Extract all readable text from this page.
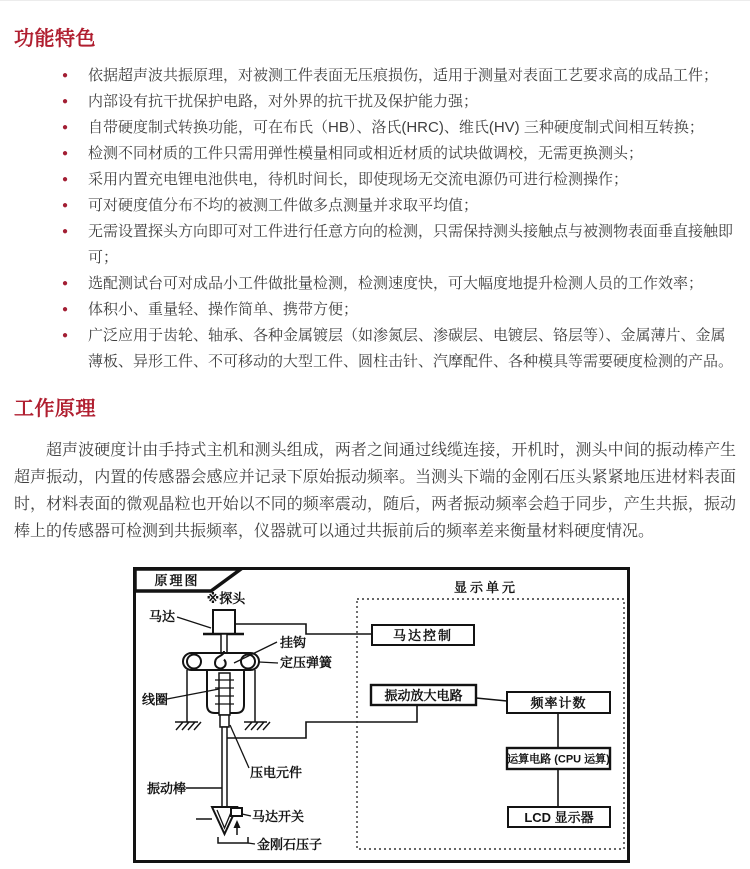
功能特色
● 依据超声波共振原理，对被测工件表面无压痕损伤，适用于测量对表面工艺要求高的成品工件；
● 内部设有抗干扰保护电路，对外界的抗干扰及保护能力强；
● 自带硬度制式转换功能，可在布氏（HB）、洛氏(HRC)、维氏(HV) 三种硬度制式间相互转换；
● 检测不同材质的工件只需用弹性模量相同或相近材质的试块做调校，无需更换测头；
● 采用内置充电锂电池供电，待机时间长，即使现场无交流电源仍可进行检测操作；
● 可对硬度值分布不均的被测工件做多点测量并求取平均值；
● 无需设置探头方向即可对工件进行任意方向的检测，只需保持测头接触点与被测物表面垂直接触即可；
● 选配测试台可对成品小工件做批量检测，检测速度快，可大幅度地提升检测人员的工作效率；
● 体积小、重量轻、操作简单、携带方便；
● 广泛应用于齿轮、轴承、各种金属镀层（如渗氮层、渗碳层、电镀层、铬层等）、金属薄片、金属薄板、异形工件、不可移动的大型工件、圆柱击针、汽摩配件、各种模具等需要硬度检测的产品。
工作原理

超声波硬度计由手持式主机和测头组成，两者之间通过线缆连接，开机时，测头中间的振动棒产生超声振动，内置的传感器会感应并记录下原始振动频率。当测头下端的金刚石压头紧紧地压进材料表面时，材料表面的微观晶粒也开始以不同的频率震动，随后，两者振动频率会趋于同步，产生共振，振动棒上的传感器可检测到共振频率，仪器就可以通过共振前后的频率差来衡量材料硬度情况。

原理图
※探头
马达
挂钩
定压弹簧
线圈
压电元件
振动棒
马达开关
金刚石压子
显示单元
马达控制
振动放大电路	频率计数
运算电路 (CPU 运算)
LCD 显示器
